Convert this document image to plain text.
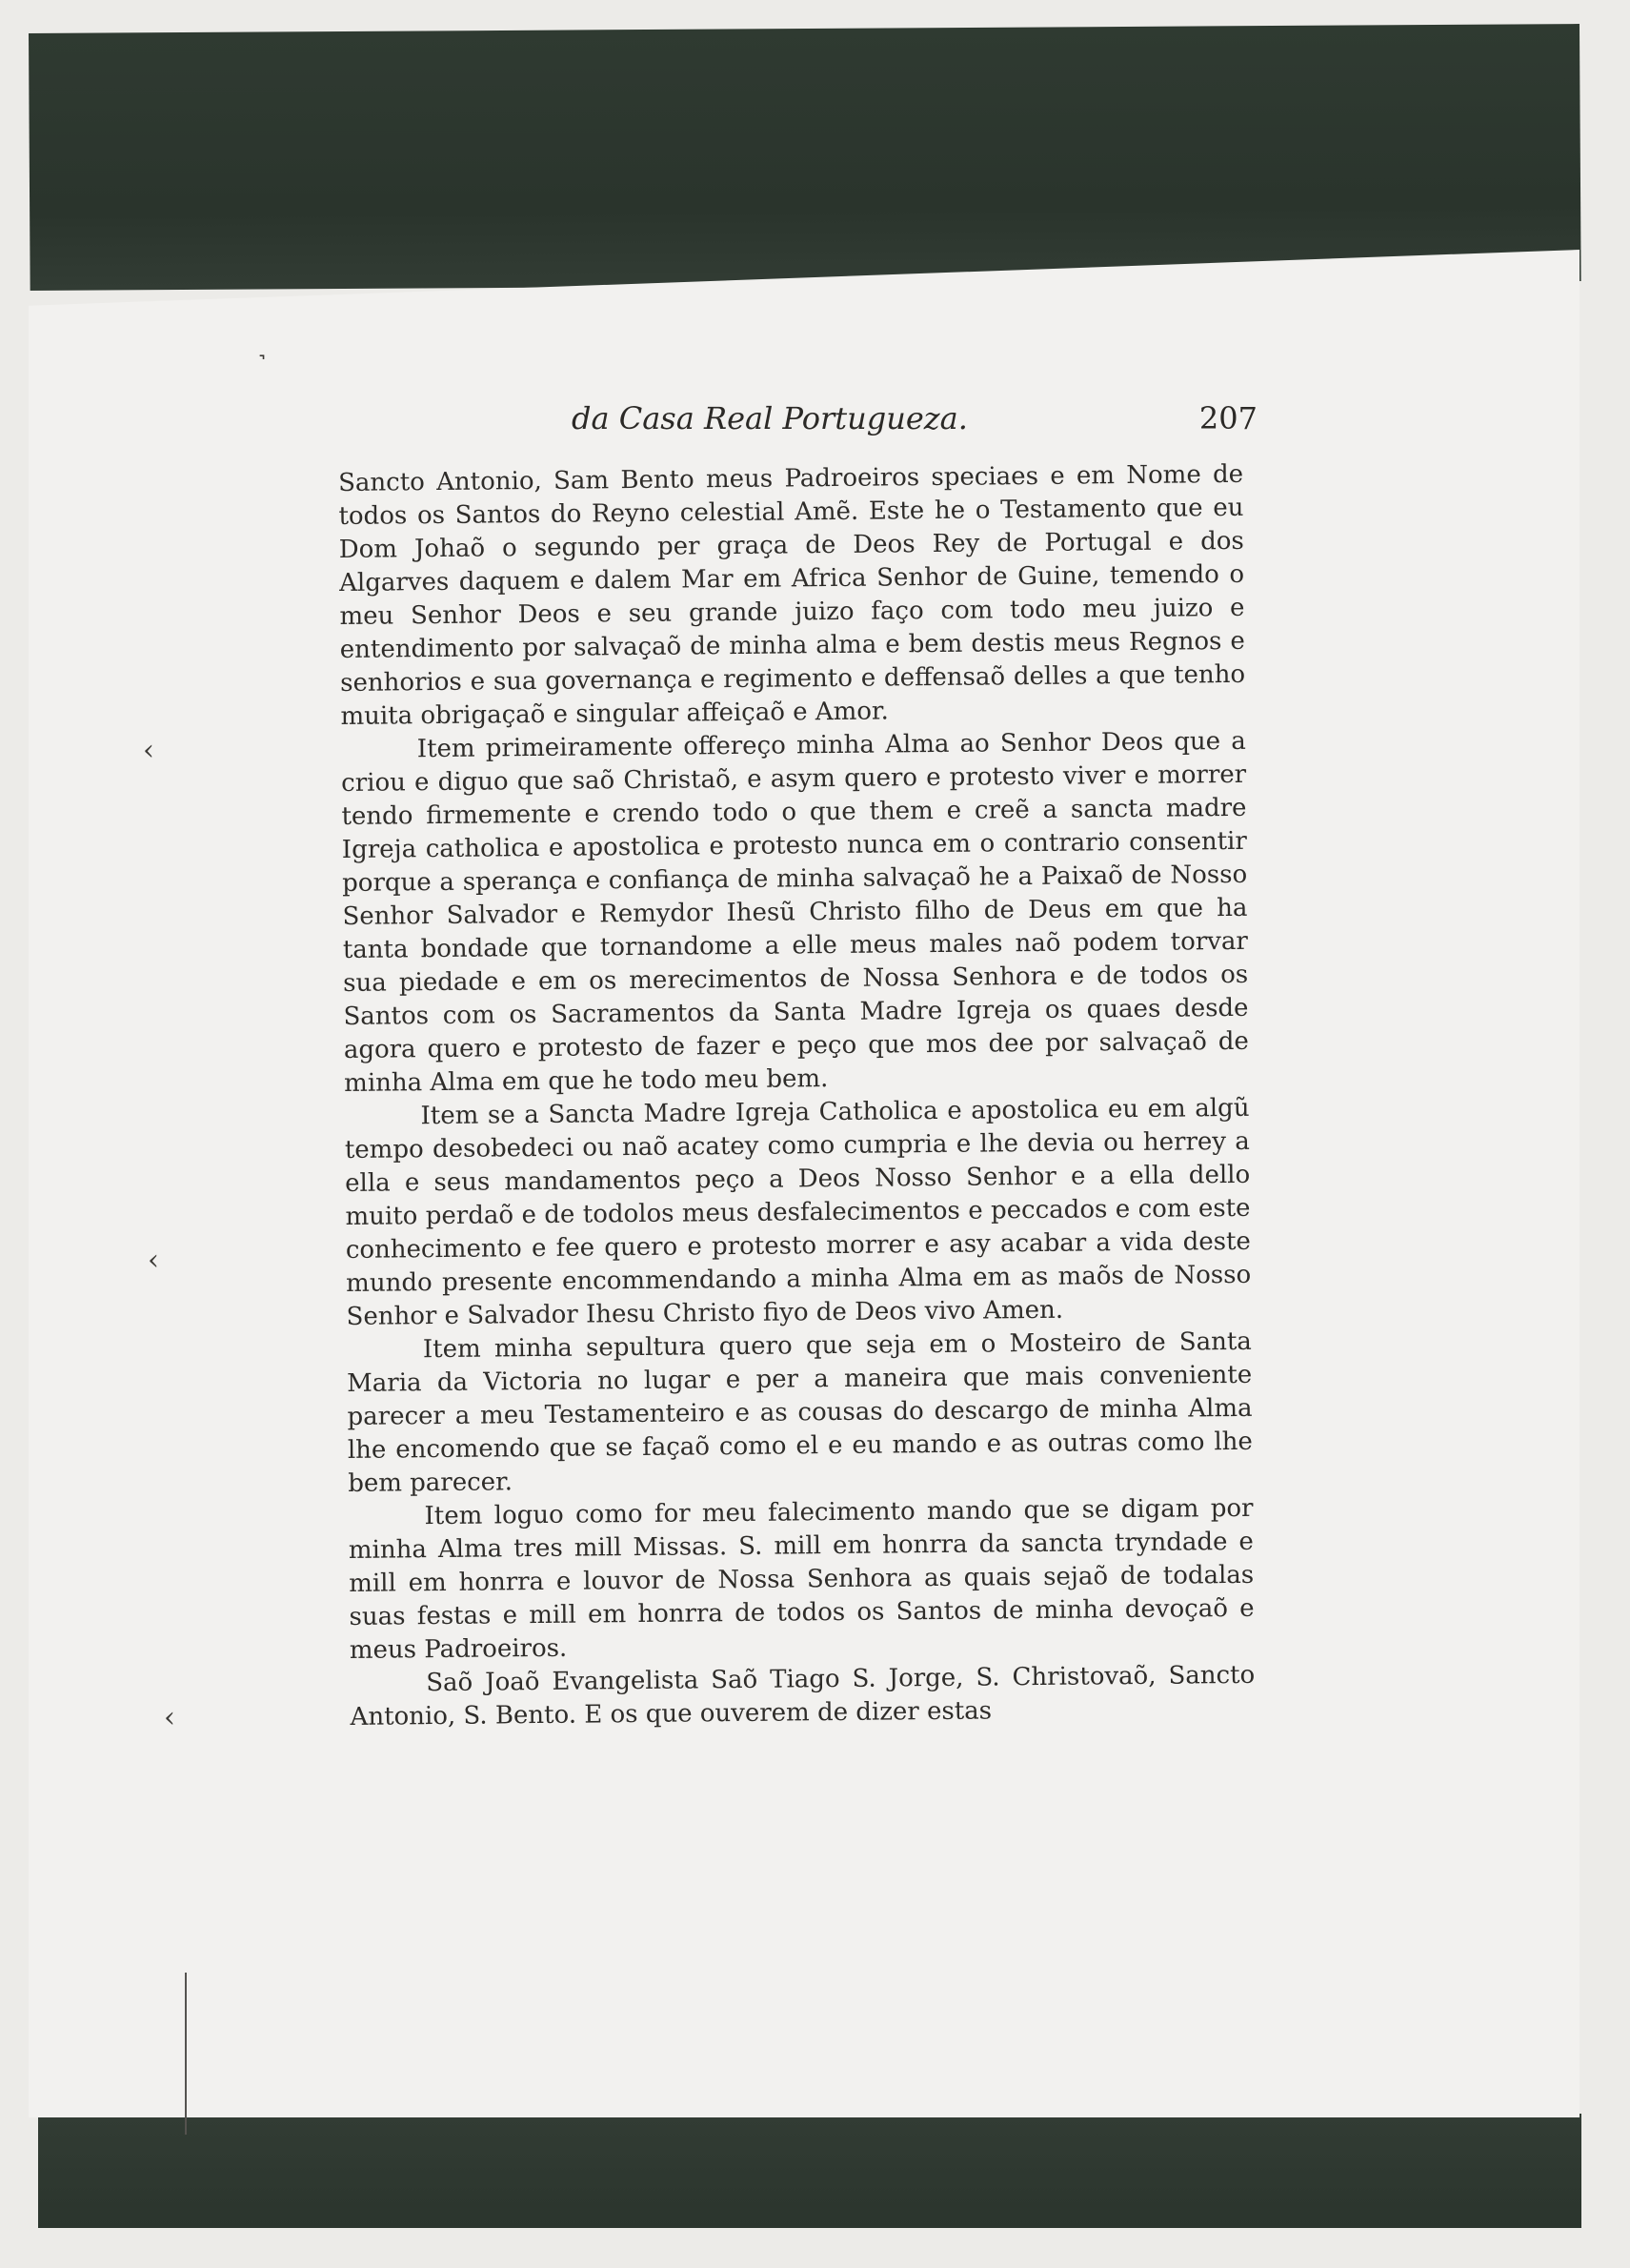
˺
‹
‹
‹
da Casa Real Portugueza.	207

Sancto Antonio, Sam Bento meus Padroeiros speciaes e em Nome de todos os Santos do Reyno celestial Amẽ. Este he o Testamento que eu Dom Johaõ o segundo per graça de Deos Rey de Portugal e dos Algarves daquem e dalem Mar em Africa Senhor de Guine, temendo o meu Senhor Deos e seu grande juizo faço com todo meu juizo e entendimento por salvaçaõ de minha alma e bem destis meus Regnos e senhorios e sua governança e regimento e deffensaõ delles a que tenho muita obrigaçaõ e singular affeiçaõ e Amor.

Item primeiramente offereço minha Alma ao Senhor Deos que a criou e diguo que saõ Christaõ, e asym quero e protesto viver e morrer tendo firmemente e crendo todo o que them e creẽ a sancta madre Igreja catholica e apostolica e protesto nunca em o contrario consentir porque a sperança e confiança de minha salvaçaõ he a Paixaõ de Nosso Senhor Salvador e Remydor Ihesũ Christo filho de Deus em que ha tanta bondade que tornandome a elle meus males naõ podem torvar sua piedade e em os merecimentos de Nossa Senhora e de todos os Santos com os Sacramentos da Santa Madre Igreja os quaes desde agora quero e protesto de fazer e peço que mos dee por salvaçaõ de minha Alma em que he todo meu bem.

Item se a Sancta Madre Igreja Catholica e apostolica eu em algũ tempo desobedeci ou naõ acatey como cumpria e lhe devia ou herrey a ella e seus mandamentos peço a Deos Nosso Senhor e a ella dello muito perdaõ e de todolos meus desfalecimentos e peccados e com este conhecimento e fee quero e protesto morrer e asy acabar a vida deste mundo presente encommendando a minha Alma em as maõs de Nosso Senhor e Salvador Ihesu Christo fiyo de Deos vivo Amen.

Item minha sepultura quero que seja em o Mosteiro de Santa Maria da Victoria no lugar e per a maneira que mais conveniente parecer a meu Testamenteiro e as cousas do descargo de minha Alma lhe encomendo que se façaõ como el e eu mando e as outras como lhe bem parecer.

Item loguo como for meu falecimento mando que se digam por minha Alma tres mill Missas. S. mill em honrra da sancta tryndade e mill em honrra e louvor de Nossa Senhora as quais sejaõ de todalas suas festas e mill em honrra de todos os Santos de minha devoçaõ e meus Padroeiros.

Saõ Joaõ Evangelista Saõ Tiago S. Jorge, S. Christovaõ, Sancto Antonio, S. Bento. E os que ouverem de dizer estas
